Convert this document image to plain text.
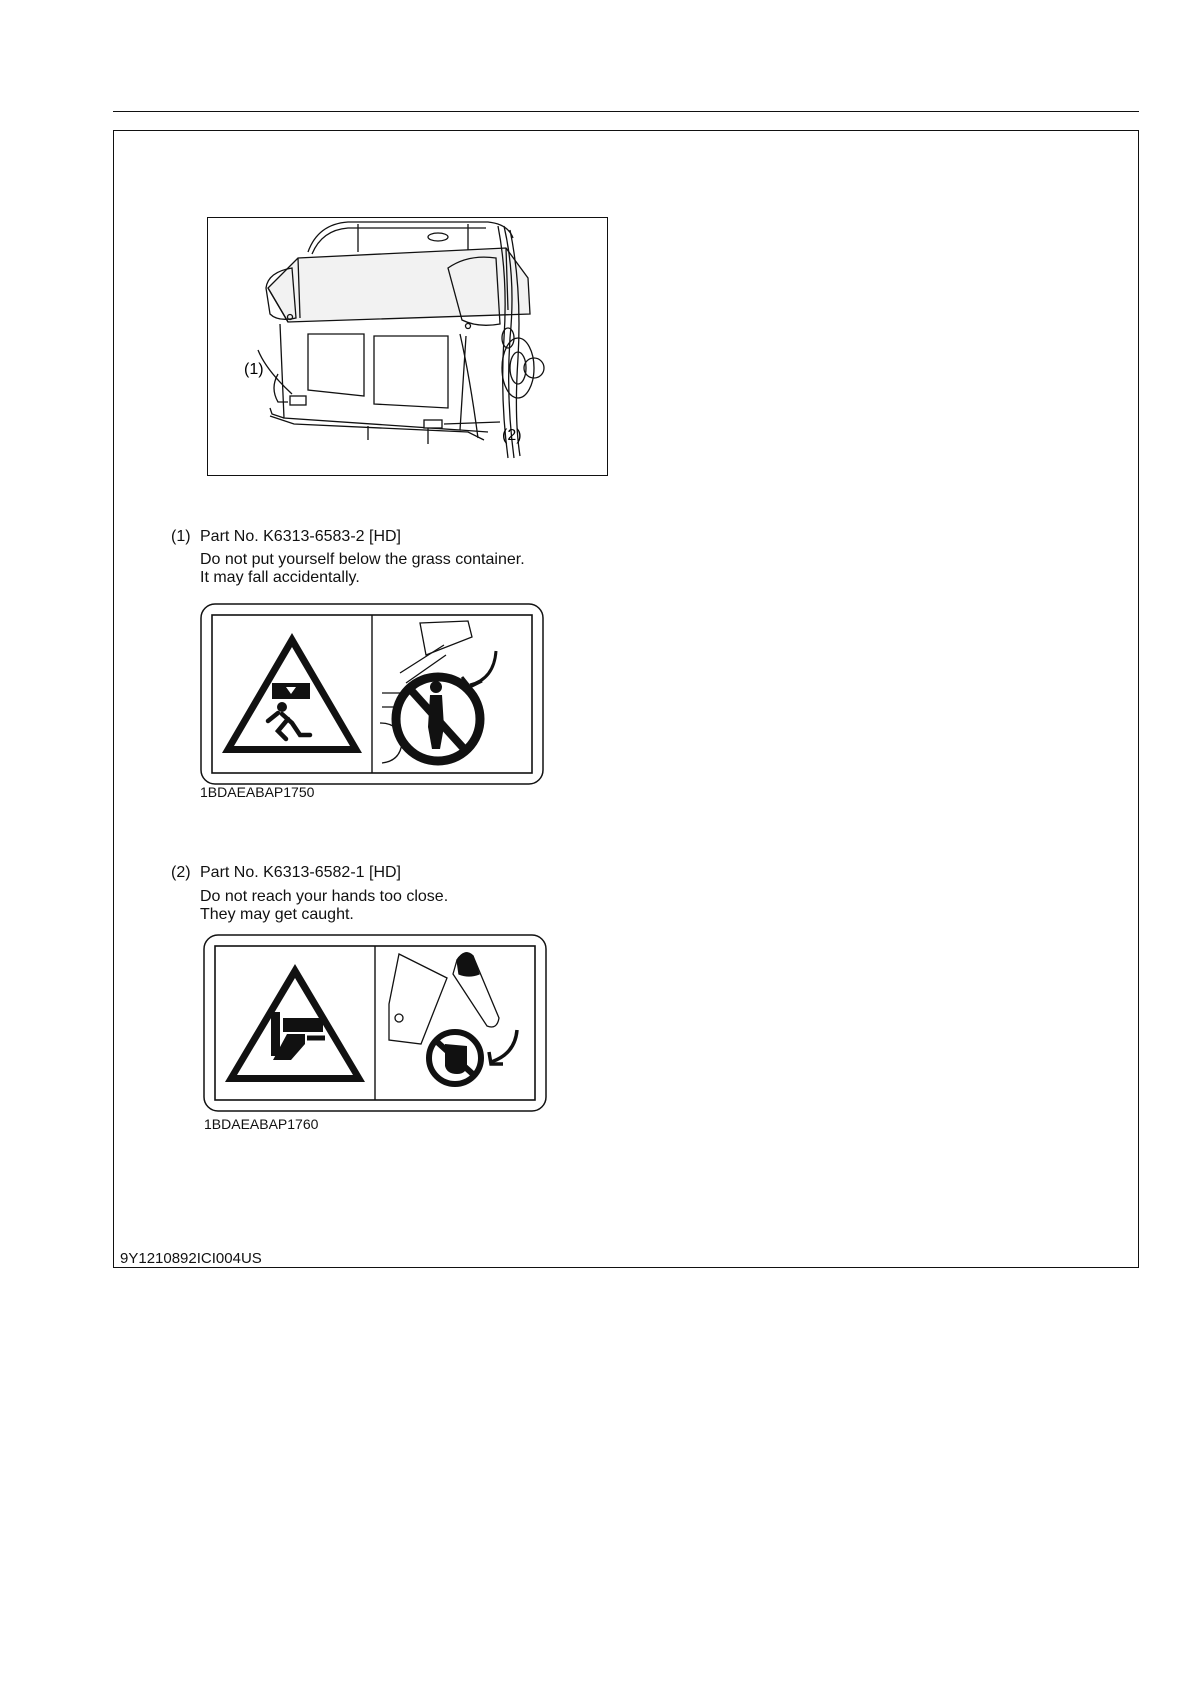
(1)
(2)
(1) Part No. K6313-6583-2 [HD]
Do not put yourself below the grass container.
It may fall accidentally.
1BDAEABAP1750
(2) Part No. K6313-6582-1 [HD]
Do not reach your hands too close.
They may get caught.
1BDAEABAP1760
9Y1210892ICI004US
